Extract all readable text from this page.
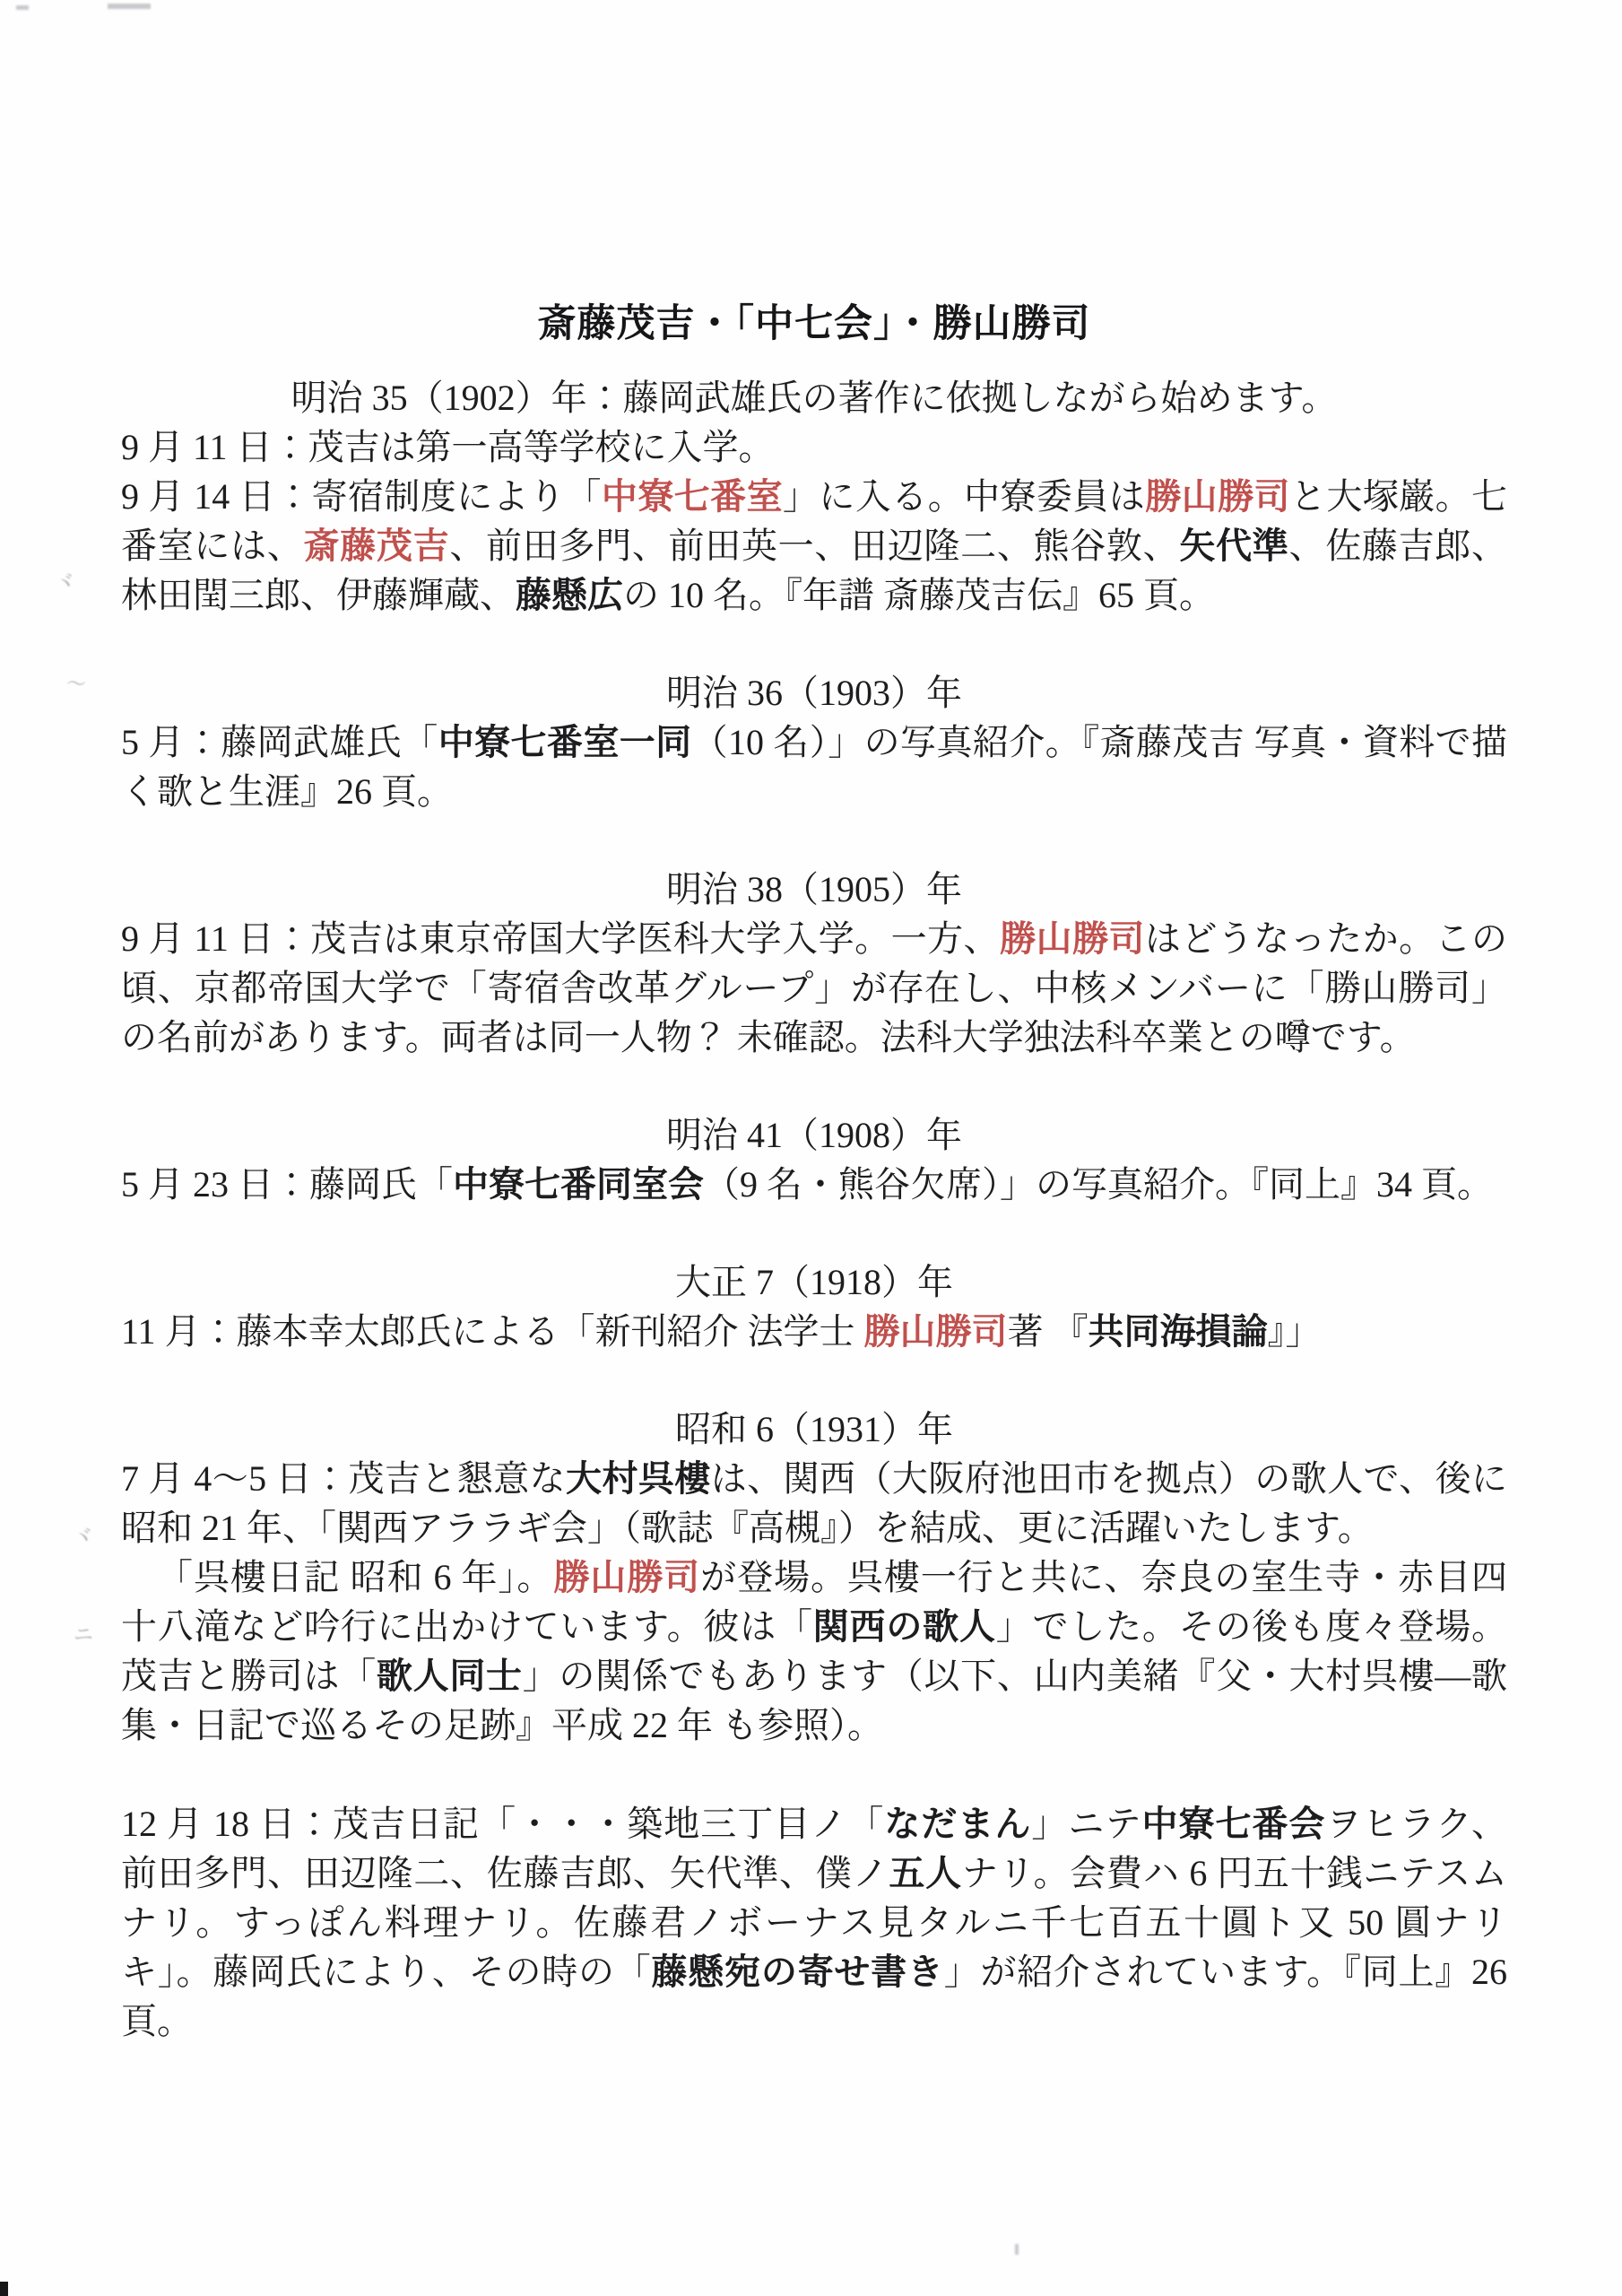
ヾ
〜
ヾ
ニ
斎藤茂吉・「中七会」・勝山勝司

明治 35（1902）年：藤岡武雄氏の著作に依拠しながら始めます。

9 月 11 日：茂吉は第一高等学校に入学。

9 月 14 日：寄宿制度により「中寮七番室」に入る。中寮委員は勝山勝司と大塚巌。七番室には、斎藤茂吉、前田多門、前田英一、田辺隆二、熊谷敦、矢代準、佐藤吉郎、林田閏三郎、伊藤輝蔵、藤懸広の 10 名。『年譜 斎藤茂吉伝』65 頁。

明治 36（1903）年

5 月：藤岡武雄氏「中寮七番室一同（10 名）」の写真紹介。『斎藤茂吉 写真・資料で描く歌と生涯』26 頁。

明治 38（1905）年

9 月 11 日：茂吉は東京帝国大学医科大学入学。一方、勝山勝司はどうなったか。この頃、京都帝国大学で「寄宿舎改革グループ」が存在し、中核メンバーに「勝山勝司」の名前があります。両者は同一人物？ 未確認。法科大学独法科卒業との噂です。

明治 41（1908）年

5 月 23 日：藤岡氏「中寮七番同室会（9 名・熊谷欠席）」の写真紹介。『同上』34 頁。

大正 7（1918）年

11 月：藤本幸太郎氏による「新刊紹介 法学士 勝山勝司著 『共同海損論』」

昭和 6（1931）年

7 月 4～5 日：茂吉と懇意な大村呉樓は、関西（大阪府池田市を拠点）の歌人で、後に昭和 21 年、「関西アララギ会」（歌誌『高槻』）を結成、更に活躍いたします。

「呉樓日記 昭和 6 年」。勝山勝司が登場。呉樓一行と共に、奈良の室生寺・赤目四十八滝など吟行に出かけています。彼は「関西の歌人」でした。その後も度々登場。茂吉と勝司は「歌人同士」の関係でもあります（以下、山内美緒『父・大村呉樓―歌集・日記で巡るその足跡』平成 22 年 も参照）。

12 月 18 日：茂吉日記「・・・築地三丁目ノ「なだまん」ニテ中寮七番会ヲヒラク、前田多門、田辺隆二、佐藤吉郎、矢代準、僕ノ五人ナリ。会費ハ 6 円五十銭ニテスムナリ。すっぽん料理ナリ。佐藤君ノボーナス見タルニ千七百五十圓ト又 50 圓ナリキ」。藤岡氏により、その時の「藤懸宛の寄せ書き」が紹介されています。『同上』26 頁。
